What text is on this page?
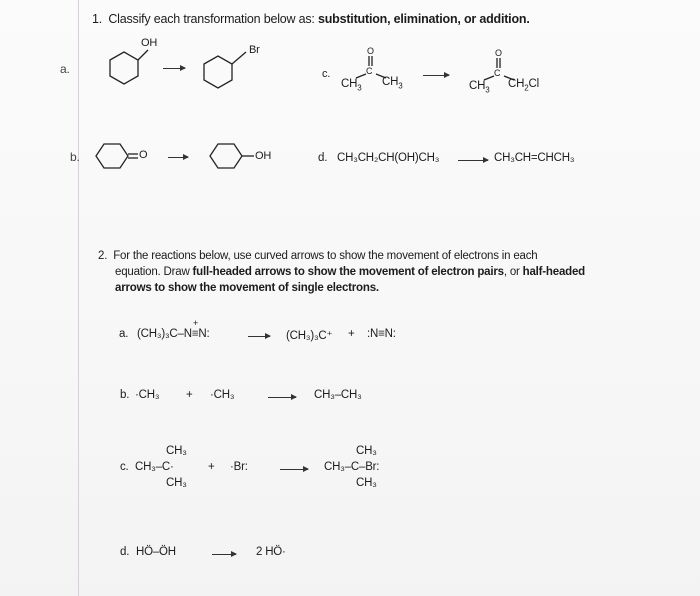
1. Classify each transformation below as: substitution, elimination, or addition.
a.
OH
Br
c.
O
C
$CH_3$ $CH_3$
O
C
$CH_3$ $CH_2Cl$
b.	O	OH	d. CH₃CH₂CH(OH)CH₃	CH₃CH=CHCH₃
2. For the reactions below, use curved arrows to show the movement of electrons in each
equation. Draw full-headed arrows to show the movement of electron pairs, or half-headed
arrows to show the movement of single electrons.
a. (CH₃)₃C–N≡N:
+
(CH₃)₃C⁺ + :N≡N:
b. ·CH₃ + ·CH₃	CH₃–CH₃
CH₃
c. CH₃–C·
CH₃
+ ·Br:
CH₃
CH₃–C–Br:
CH₃
d. HÖ–ÖH	2 HÖ·
